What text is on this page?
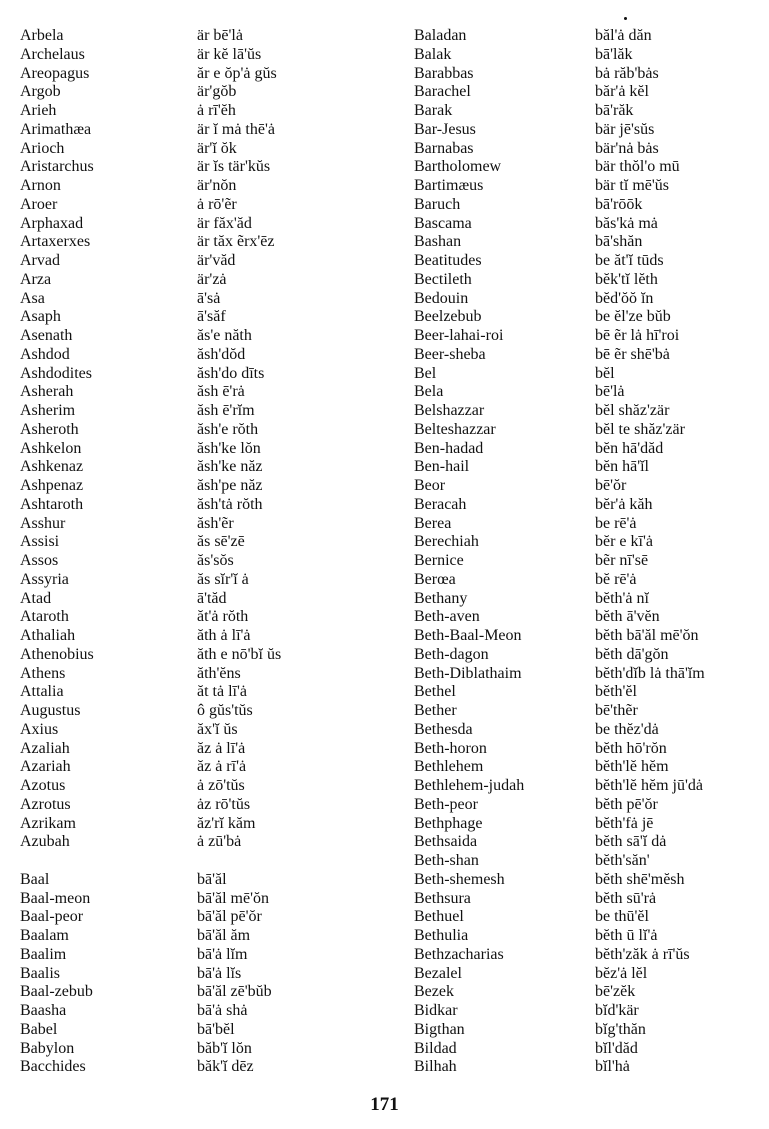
Arbela
Archelaus
Areopagus
Argob
Arieh
Arimathæa
Arioch
Aristarchus
Arnon
Aroer
Arphaxad
Artaxerxes
Arvad
Arza
Asa
Asaph
Asenath
Ashdod
Ashdodites
Asherah
Asherim
Asheroth
Ashkelon
Ashkenaz
Ashpenaz
Ashtaroth
Asshur
Assisi
Assos
Assyria
Atad
Ataroth
Athaliah
Athenobius
Athens
Attalia
Augustus
Axius
Azaliah
Azariah
Azotus
Azrotus
Azrikam
Azubah
Baal
Baal-meon
Baal-peor
Baalam
Baalim
Baalis
Baal-zebub
Baasha
Babel
Babylon
Bacchides
är bē'lȧ
är kĕ lā'ŭs
ăr e ŏp'ȧ gŭs
är'gŏb
ȧ rī'ĕh
är ĭ mȧ thē'ȧ
är'ĭ ŏk
är ĭs tär'kŭs
är'nŏn
ȧ rō'ẽr
är făx'ăd
är tăx ẽrx'ēz
är'văd
är'zȧ
ā'sȧ
ā'săf
ăs'e năth
ăsh'dŏd
ăsh'do dīts
ăsh ē'rȧ
ăsh ē'rĭm
ăsh'e rŏth
ăsh'ke lŏn
ăsh'ke năz
ăsh'pe năz
ăsh'tȧ rŏth
ăsh'ẽr
ăs sē'zē
ăs'sŏs
ăs sĭr'ĭ ȧ
ā'tăd
ăt'ȧ rŏth
ăth ȧ lī'ȧ
ăth e nō'bĭ ŭs
ăth'ĕns
ăt tȧ lī'ȧ
ô gŭs'tŭs
ăx'ĭ ŭs
ăz ȧ lī'ȧ
ăz ȧ rī'ȧ
ȧ zō'tŭs
ȧz rō'tŭs
ăz'rĭ kăm
ȧ zū'bȧ
bā'ăl
bā'ăl mē'ŏn
bā'ăl pē'ŏr
bā'ăl ăm
bā'ȧ lĭm
bā'ȧ lĭs
bā'ăl zē'bŭb
bā'ȧ shȧ
bā'bĕl
băb'ĭ lŏn
băk'ĭ dēz
Baladan
Balak
Barabbas
Barachel
Barak
Bar-Jesus
Barnabas
Bartholomew
Bartimæus
Baruch
Bascama
Bashan
Beatitudes
Bectileth
Bedouin
Beelzebub
Beer-lahai-roi
Beer-sheba
Bel
Bela
Belshazzar
Belteshazzar
Ben-hadad
Ben-hail
Beor
Beracah
Berea
Berechiah
Bernice
Berœa
Bethany
Beth-aven
Beth-Baal-Meon
Beth-dagon
Beth-Diblathaim
Bethel
Bether
Bethesda
Beth-horon
Bethlehem
Bethlehem-judah
Beth-peor
Bethphage
Bethsaida
Beth-shan
Beth-shemesh
Bethsura
Bethuel
Bethulia
Bethzacharias
Bezalel
Bezek
Bidkar
Bigthan
Bildad
Bilhah
băl'ȧ dăn
bā'lăk
bȧ răb'bȧs
băr'ȧ kĕl
bā'răk
bär jē'sŭs
bär'nȧ bȧs
bär thŏl'o mū
bär tĭ mē'ŭs
bā'rōōk
băs'kȧ mȧ
bā'shăn
be ăt'ĭ tūds
bĕk'tĭ lĕth
bĕd'ŏŏ ĭn
be ĕl'ze bŭb
bē ẽr lȧ hī'roi
bē ẽr shē'bȧ
bĕl
bē'lȧ
bĕl shăz'zär
bĕl te shăz'zär
bĕn hā'dăd
bĕn hā'ĭl
bē'ŏr
bĕr'ȧ kăh
be rē'ȧ
bĕr e kī'ȧ
bẽr nī'sē
bĕ rē'ȧ
bĕth'ȧ nĭ
bĕth ā'vĕn
bĕth bā'ăl mē'ŏn
bĕth dā'gŏn
bĕth'dĭb lȧ thā'ĭm
bĕth'ĕl
bē'thẽr
be thĕz'dȧ
bĕth hō'rŏn
bĕth'lĕ hĕm
bĕth'lĕ hĕm jū'dȧ
bĕth pē'ŏr
bĕth'fȧ jē
bĕth sā'ĭ dȧ
bĕth'săn'
bĕth shē'mĕsh
bĕth sū'rȧ
be thū'ĕl
bĕth ū lĭ'ȧ
bĕth'zăk ȧ rī'ŭs
bĕz'ȧ lĕl
bē'zĕk
bĭd'kär
bĭg'thăn
bĭl'dăd
bĭl'hȧ
171
